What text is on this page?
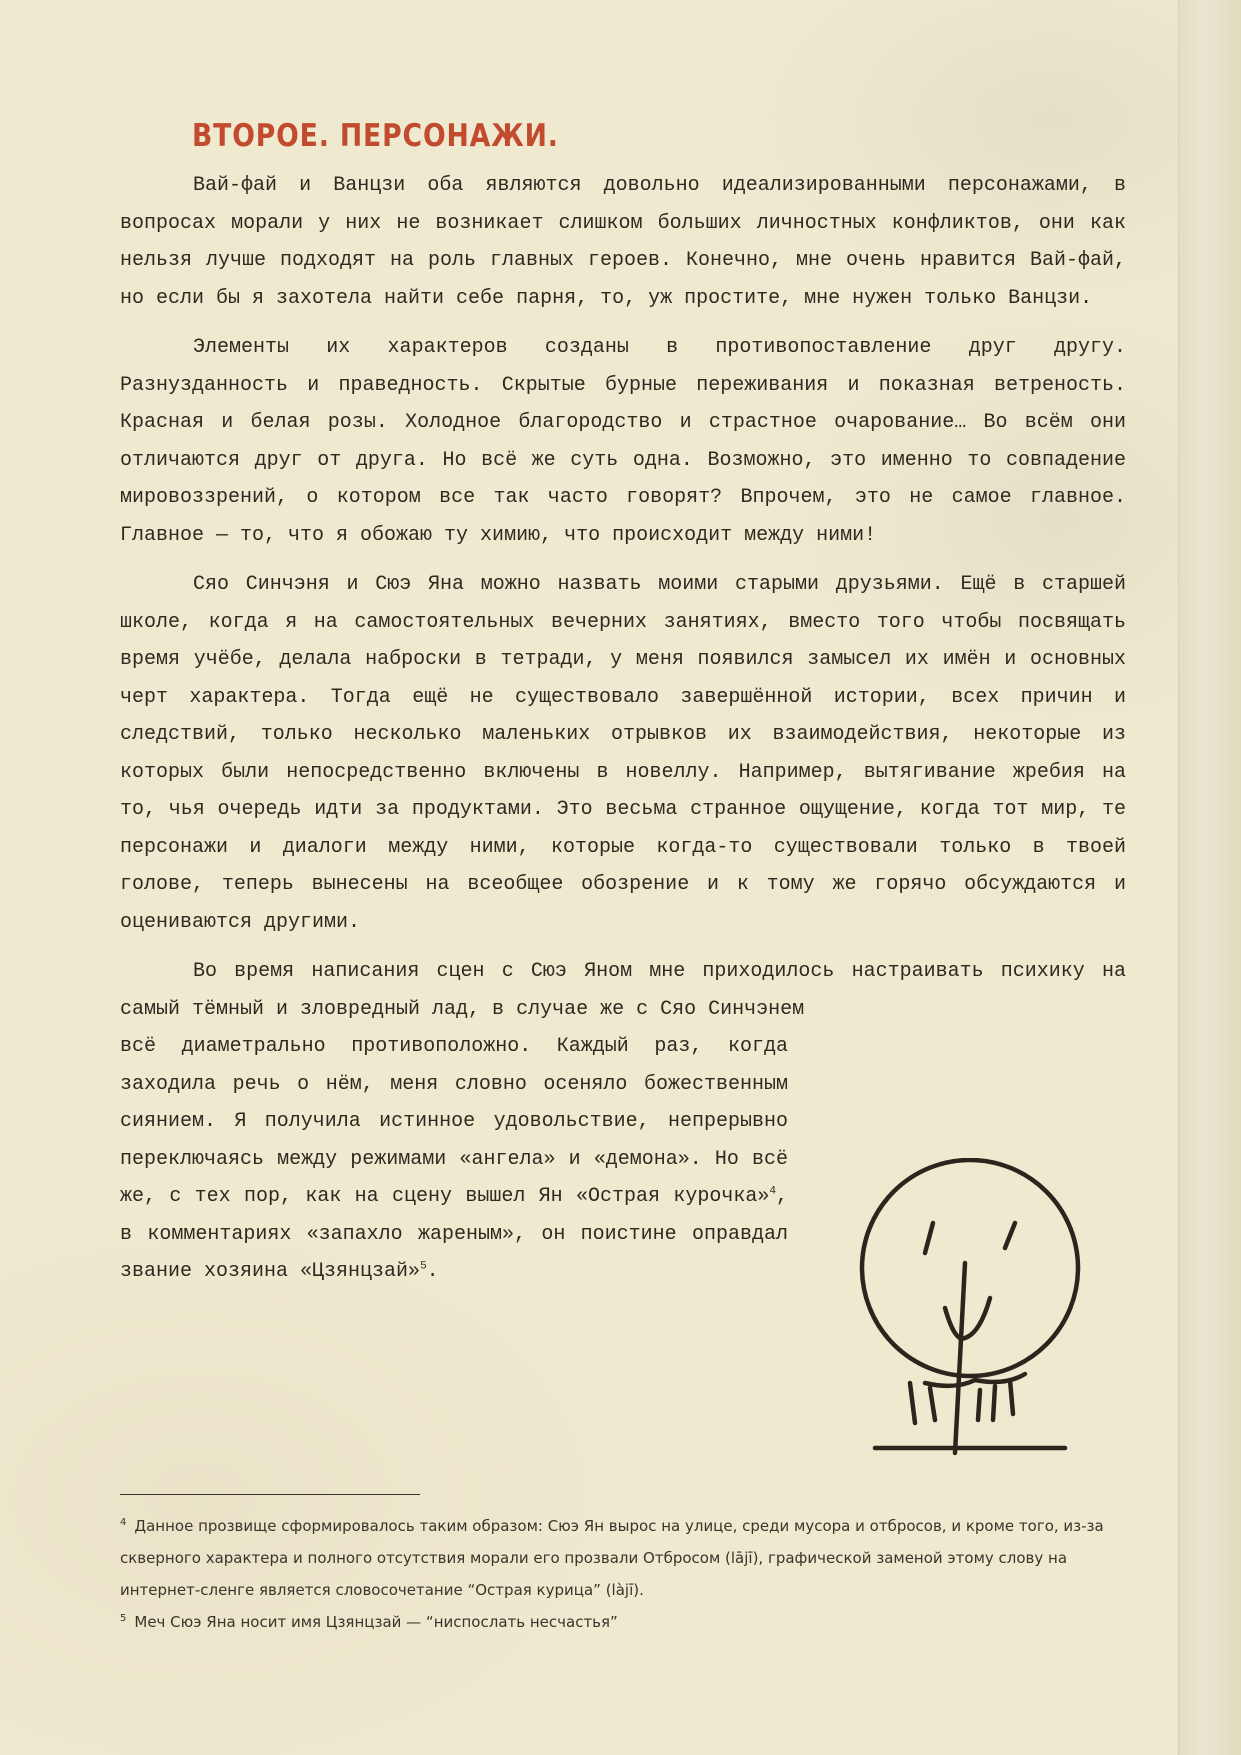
ВТОРОЕ. ПЕРСОНАЖИ.

Вай-фай и Ванцзи оба являются довольно идеализированными персонажами, в вопросах морали у них не возникает слишком больших личностных конфликтов, они как нельзя лучше подходят на роль главных героев. Конечно, мне очень нравится Вай-фай, но если бы я захотела найти себе парня, то, уж простите, мне нужен только Ванцзи.

Элементы их характеров созданы в противопоставление друг другу. Разнузданность и праведность. Скрытые бурные переживания и показная ветреность. Красная и белая розы. Холодное благородство и страстное очарование… Во всём они отличаются друг от друга. Но всё же суть одна. Возможно, это именно то совпадение мировоззрений, о котором все так часто говорят? Впрочем, это не самое главное. Главное — то, что я обожаю ту химию, что происходит между ними!

Сяо Синчэня и Сюэ Яна можно назвать моими старыми друзьями. Ещё в старшей школе, когда я на самостоятельных вечерних занятиях, вместо того чтобы посвящать время учёбе, делала наброски в тетради, у меня появился замысел их имён и основных черт характера. Тогда ещё не существовало завершённой истории, всех причин и следствий, только несколько маленьких отрывков их взаимодействия, некоторые из которых были непосредственно включены в новеллу. Например, вытягивание жребия на то, чья очередь идти за продуктами. Это весьма странное ощущение, когда тот мир, те персонажи и диалоги между ними, которые когда-то существовали только в твоей голове, теперь вынесены на всеобщее обозрение и к тому же горячо обсуждаются и оцениваются другими.

Во время написания сцен с Сюэ Яном мне приходилось настраивать психику на самый тёмный и зловредный лад, в случае же с Сяо Синчэнем

всё диаметрально противоположно. Каждый раз, когда заходила речь о нём, меня словно осеняло божественным сиянием. Я получила истинное удовольствие, непрерывно переключаясь между режимами «ангела» и «демона». Но всё же, с тех пор, как на сцену вышел Ян «Острая курочка»$^4$, в комментариях «запахло жареным», он поистине оправдал звание хозяина «Цзянцзай»$^5$.

$^4$ Данное прозвище сформировалось таким образом: Сюэ Ян вырос на улице, среди мусора и отбросов, и кроме того, из-за скверного характера и полного отсутствия морали его прозвали Отбросом (lājī), графической заменой этому слову на интернет-сленге является словосочетание “Острая курица” (làjī).

$^5$ Меч Сюэ Яна носит имя Цзянцзай — “ниспослать несчастья”
